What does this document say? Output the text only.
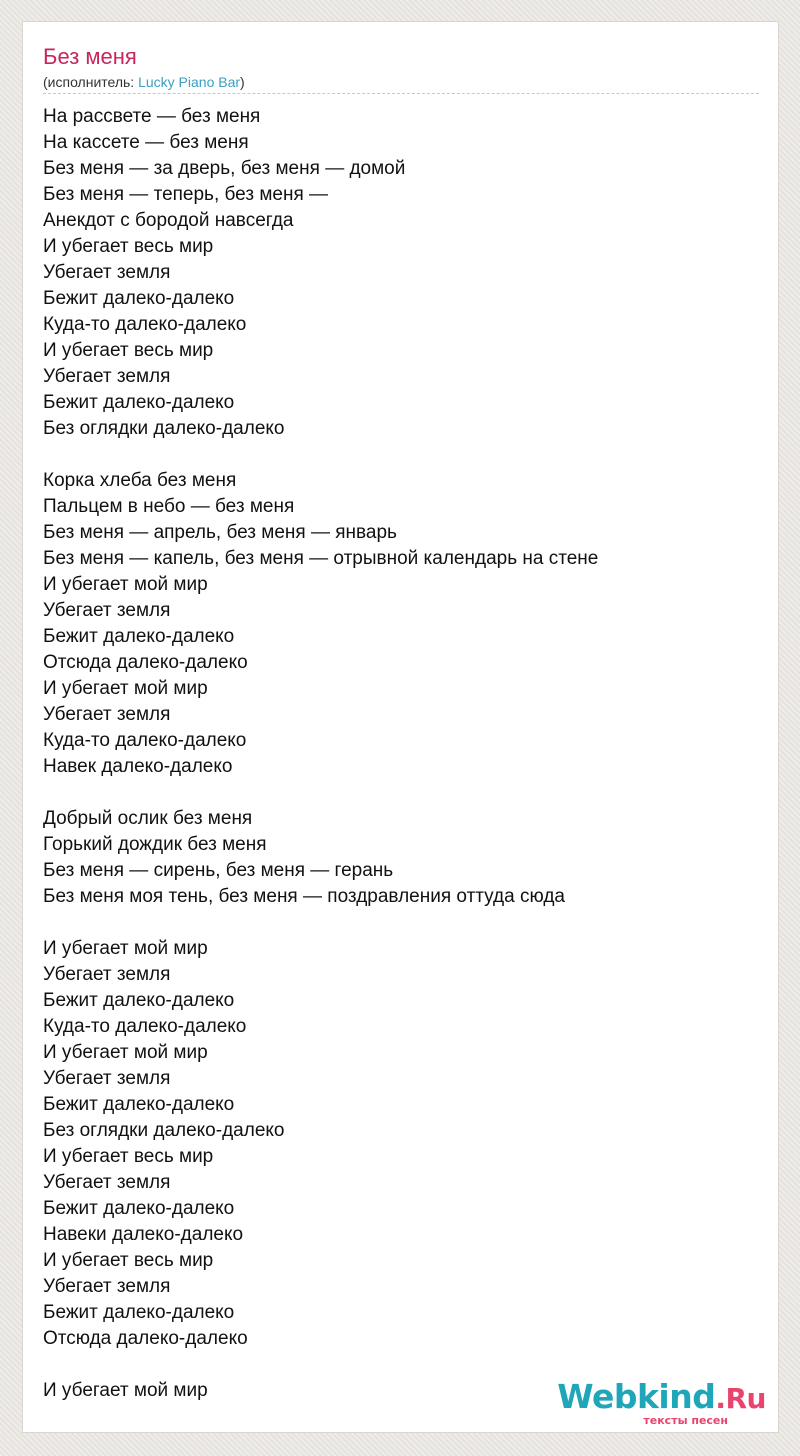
Без меня
(исполнитель: Lucky Piano Bar)
На рассвете — без меня
На кассете — без меня
Без меня — за дверь, без меня — домой
Без меня — теперь, без меня —
Анекдот с бородой навсегда
И убегает весь мир
Убегает земля
Бежит далеко-далеко
Куда-то далеко-далеко
И убегает весь мир
Убегает земля
Бежит далеко-далеко
Без оглядки далеко-далеко
Корка хлеба без меня
Пальцем в небо — без меня
Без меня — апрель, без меня — январь
Без меня — капель, без меня — отрывной календарь на стене
И убегает мой мир
Убегает земля
Бежит далеко-далеко
Отсюда далеко-далеко
И убегает мой мир
Убегает земля
Куда-то далеко-далеко
Навек далеко-далеко
Добрый ослик без меня
Горький дождик без меня
Без меня — сирень, без меня — герань
Без меня моя тень, без меня — поздравления оттуда сюда
И убегает мой мир
Убегает земля
Бежит далеко-далеко
Куда-то далеко-далеко
И убегает мой мир
Убегает земля
Бежит далеко-далеко
Без оглядки далеко-далеко
И убегает весь мир
Убегает земля
Бежит далеко-далеко
Навеки далеко-далеко
И убегает весь мир
Убегает земля
Бежит далеко-далеко
Отсюда далеко-далеко
И убегает мой мир	Webkind.Ru
тексты песен
